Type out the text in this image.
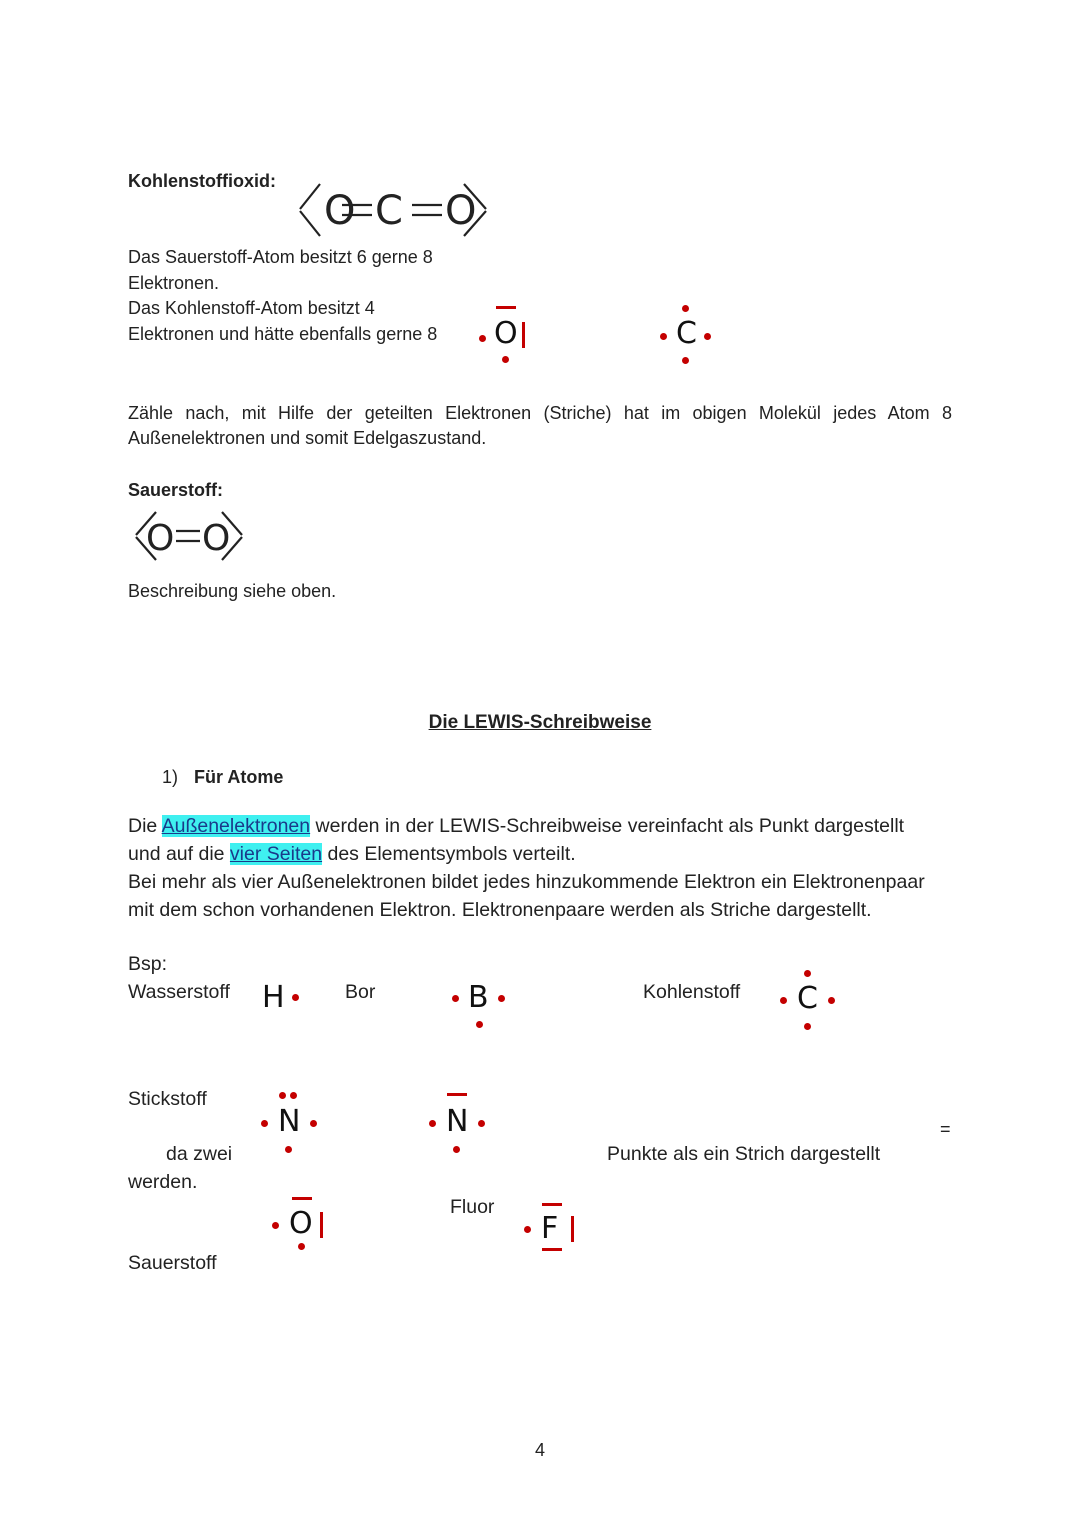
Kohlenstoffioxid:
O C O
Das Sauerstoff-Atom besitzt 6 gerne 8
Elektronen.
Das Kohlenstoff-Atom besitzt 4
Elektronen und hätte ebenfalls gerne 8 O	C
Zähle nach, mit Hilfe der geteilten Elektronen (Striche) hat im obigen Molekül jedes Atom 8
Außenelektronen und somit Edelgaszustand.
Sauerstoff:
O O
Beschreibung siehe oben.
Die LEWIS-Schreibweise
1) Für Atome
Die Außenelektronen werden in der LEWIS-Schreibweise vereinfacht als Punkt dargestellt
und auf die vier Seiten des Elementsymbols verteilt.
Bei mehr als vier Außenelektronen bildet jedes hinzukommende Elektron ein Elektronenpaar
mit dem schon vorhandenen Elektron. Elektronenpaare werden als Striche dargestellt.
Bsp:
Wasserstoff H	Bor	B	Kohlenstoff C
Stickstoff
N	N	=
da zwei	Punkte als ein Strich dargestellt
werden.
O	Fluor
F
Sauerstoff
4
